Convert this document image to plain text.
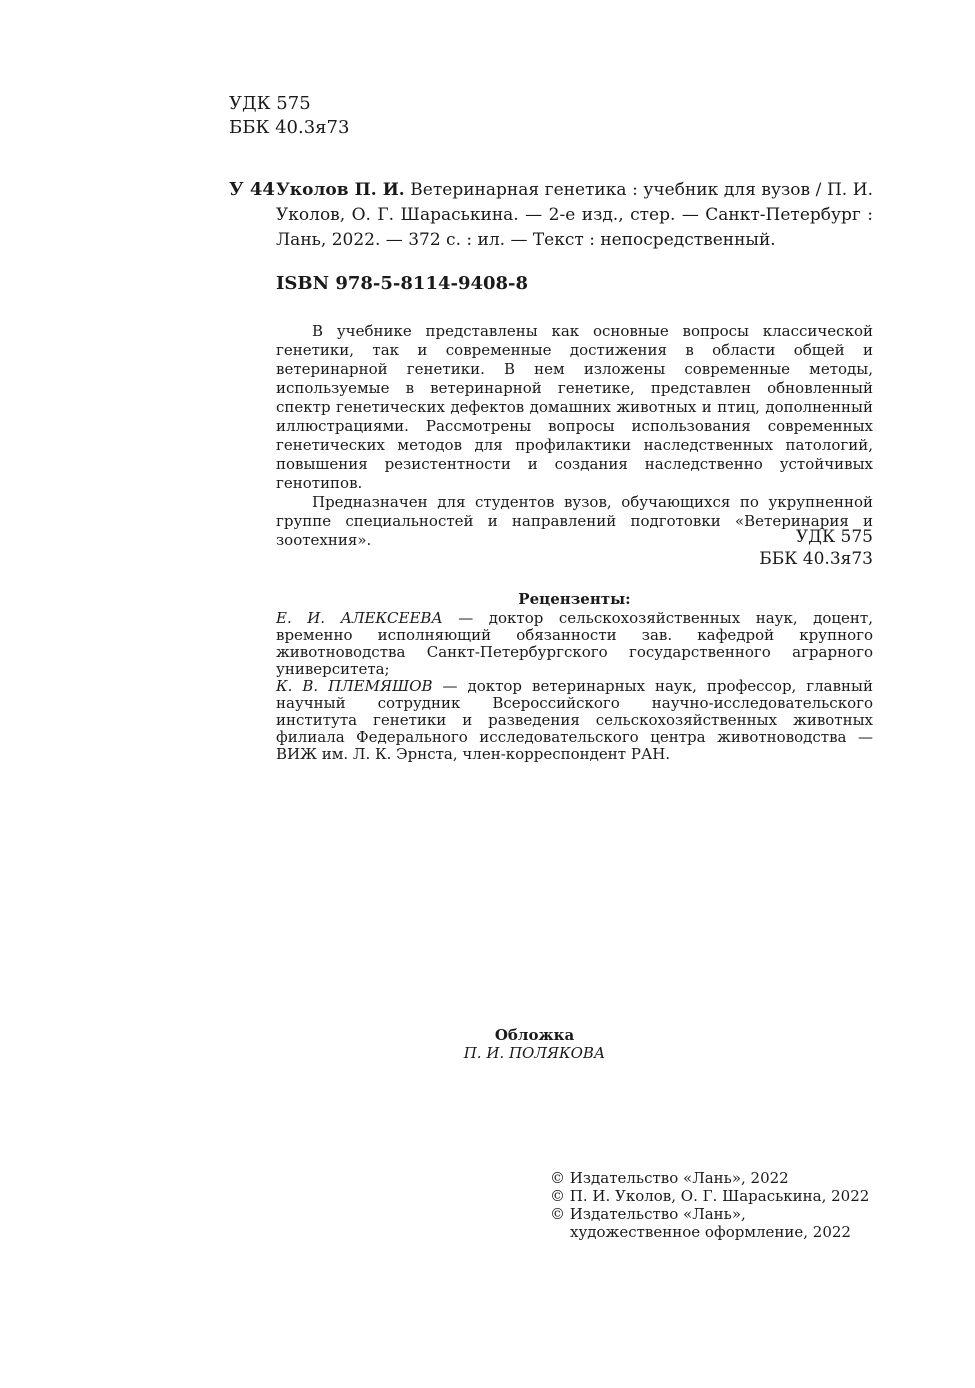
УДК 575
ББК 40.3я73
У 44 Уколов П. И. Ветеринарная генетика : учебник для вузов / П. И. Уколов, О. Г. Шараськина. — 2-е изд., стер. — Санкт-Петербург : Лань, 2022. — 372 с. : ил. — Текст : непосредственный.
ISBN 978-5-8114-9408-8

В учебнике представлены как основные вопросы классической генетики, так и современные достижения в области общей и ветеринарной генетики. В нем изложены современные методы, используемые в ветеринарной генетике, представлен обновленный спектр генетических дефектов домашних животных и птиц, дополненный иллюстрациями. Рассмотрены вопросы использования современных генетических методов для профилактики наследственных патологий, повышения резистентности и создания наследственно устойчивых генотипов.

Предназначен для студентов вузов, обучающихся по укрупненной группе специальностей и направлений подготовки «Ветеринария и зоотехния».	УДК 575
ББК 40.3я73
Рецензенты:

Е. И. АЛЕКСЕЕВА — доктор сельскохозяйственных наук, доцент, временно исполняющий обязанности зав. кафедрой крупного животноводства Санкт-Петербургского государственного аграрного университета;

К. В. ПЛЕМЯШОВ — доктор ветеринарных наук, профессор, главный научный сотрудник Всероссийского научно-исследовательского института генетики и разведения сельскохозяйственных животных филиала Федерального исследовательского центра животноводства — ВИЖ им. Л. К. Эрнста, член-корреспондент РАН.

Обложка
П. И. ПОЛЯКОВА
© Издательство «Лань», 2022
© П. И. Уколов, О. Г. Шараськина, 2022
© Издательство «Лань»,
художественное оформление, 2022
